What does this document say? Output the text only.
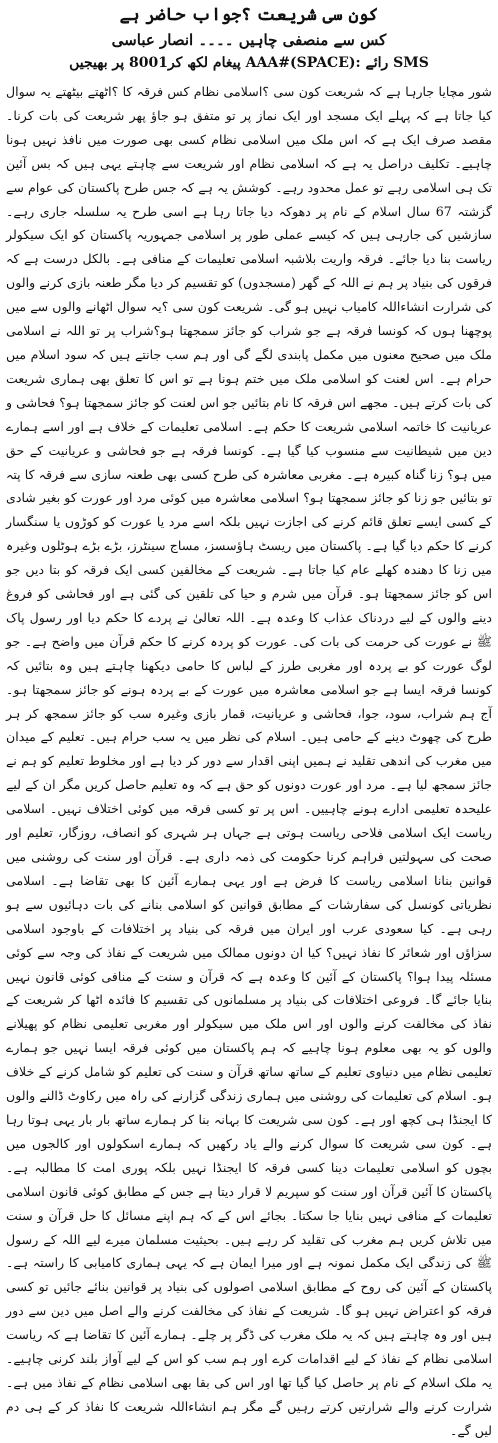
کون سی شریعت ؟جواب حاضر ہے
کس سے منصفی چاہیں ۔۔۔۔ انصار عباسی
SMS رائے :(SPACE)#AAA پیغام لکھ کر8001 پر بھیجیں

شور مچایا جارہا ہے کہ شریعت کون سی ؟اسلامی نظام کس فرقہ کا ؟اٹھتے بیٹھتے یہ سوال کیا جاتا ہے کہ پہلے ایک مسجد اور ایک نماز پر تو متفق ہو جاؤ پھر شریعت کی بات کرنا۔ مقصد صرف ایک ہے کہ اس ملک میں اسلامی نظام کسی بھی صورت میں نافذ نہیں ہونا چاہیے۔ تکلیف دراصل یہ ہے کہ اسلامی نظام اور شریعت سے چاہتے یہی ہیں کہ بس آئین تک ہی اسلامی رہے تو عمل محدود رہے۔ کوشش یہ ہے کہ جس طرح پاکستان کی عوام سے گزشتہ 67 سال اسلام کے نام پر دھوکہ دیا جاتا رہا ہے اسی طرح یہ سلسلہ جاری رہے۔ سازشیں کی جارہی ہیں کہ کیسے عملی طور پر اسلامی جمہوریہ پاکستان کو ایک سیکولر ریاست بنا دیا جائے۔ فرقہ واریت بلاشبہ اسلامی تعلیمات کے منافی ہے۔ بالکل درست ہے کہ فرقوں کی بنیاد پر ہم نے اللہ کے گھر (مسجدوں) کو تقسیم کر دیا مگر طعنہ بازی کرنے والوں کی شرارت انشاءاللہ کامیاب نہیں ہو گی۔ شریعت کون سی ؟یہ سوال اٹھانے والوں سے میں پوچھنا ہوں کہ کونسا فرقہ ہے جو شراب کو جائز سمجھتا ہو؟شراب پر تو اللہ نے اسلامی ملک میں صحیح معنوں میں مکمل پابندی لگے گی اور ہم سب جانتے ہیں کہ سود اسلام میں حرام ہے۔ اس لعنت کو اسلامی ملک میں ختم ہونا ہے تو اس کا تعلق بھی ہماری شریعت کی بات کرتے ہیں۔ مجھے اس فرقہ کا نام بتائیں جو اس لعنت کو جائز سمجھتا ہو؟ فحاشی و عریانیت کا خاتمہ اسلامی شریعت کا حکم ہے۔ اسلامی تعلیمات کے خلاف ہے اور اسے ہمارے دین میں شیطانیت سے منسوب کیا گیا ہے۔ کونسا فرقہ ہے جو فحاشی و عریانیت کے حق میں ہو؟ زنا گناہ کبیرہ ہے۔ مغربی معاشرہ کی طرح کسی بھی طعنہ سازی سے فرقہ کا پتہ تو بتائیں جو زنا کو جائز سمجھتا ہو؟ اسلامی معاشرہ میں کوئی مرد اور عورت کو بغیر شادی کے کسی ایسے تعلق قائم کرنے کی اجازت نہیں بلکہ اسے مرد یا عورت کو کوڑوں یا سنگسار کرنے کا حکم دیا گیا ہے۔ پاکستان میں ریسٹ ہاؤسسز، مساج سینٹرز، بڑے بڑے ہوٹلوں وغیرہ میں زنا کا دھندہ کھلے عام کیا جاتا ہے۔ شریعت کے مخالفین کسی ایک فرقہ کو بتا دیں جو اس کو جائز سمجھتا ہو۔ قرآن میں شرم و حیا کی تلقین کی گئی ہے اور فحاشی کو فروغ دینے والوں کے لیے دردناک عذاب کا وعدہ ہے۔ اللہ تعالیٰ نے پردے کا حکم دیا اور رسول پاک ﷺ نے عورت کی حرمت کی بات کی۔ عورت کو پردہ کرنے کا حکم قرآن میں واضح ہے۔ جو لوگ عورت کو بے پردہ اور مغربی طرز کے لباس کا حامی دیکھنا چاہتے ہیں وہ بتائیں کہ کونسا فرقہ ایسا ہے جو اسلامی معاشرہ میں عورت کے بے پردہ ہونے کو جائز سمجھتا ہو۔ آج ہم شراب، سود، جوا، فحاشی و عریانیت، قمار بازی وغیرہ سب کو جائز سمجھ کر ہر طرح کی چھوٹ دینے کے حامی ہیں۔ اسلام کی نظر میں یہ سب حرام ہیں۔ تعلیم کے میدان میں مغرب کی اندھی تقلید نے ہمیں اپنی اقدار سے دور کر دیا ہے اور مخلوط تعلیم کو ہم نے جائز سمجھ لیا ہے۔ مرد اور عورت دونوں کو حق ہے کہ وہ تعلیم حاصل کریں مگر ان کے لیے علیحدہ تعلیمی ادارے ہونے چاہییں۔ اس پر تو کسی فرقہ میں کوئی اختلاف نہیں۔ اسلامی ریاست ایک اسلامی فلاحی ریاست ہوتی ہے جہاں ہر شہری کو انصاف، روزگار، تعلیم اور صحت کی سہولتیں فراہم کرنا حکومت کی ذمہ داری ہے۔ قرآن اور سنت کی روشنی میں قوانین بنانا اسلامی ریاست کا فرض ہے اور یہی ہمارے آئین کا بھی تقاضا ہے۔ اسلامی نظریاتی کونسل کی سفارشات کے مطابق قوانین کو اسلامی بنانے کی بات دہائیوں سے ہو رہی ہے۔ کیا سعودی عرب اور ایران میں فرقہ کی بنیاد پر اختلافات کے باوجود اسلامی سزاؤں اور شعائر کا نفاذ نہیں؟ کیا ان دونوں ممالک میں شریعت کے نفاذ کی وجہ سے کوئی مسئلہ پیدا ہوا؟ پاکستان کے آئین کا وعدہ ہے کہ قرآن و سنت کے منافی کوئی قانون نہیں بنایا جائے گا۔ فروعی اختلافات کی بنیاد پر مسلمانوں کی تقسیم کا فائدہ اٹھا کر شریعت کے نفاذ کی مخالفت کرنے والوں اور اس ملک میں سیکولر اور مغربی تعلیمی نظام کو پھیلانے والوں کو یہ بھی معلوم ہونا چاہیے کہ ہم پاکستان میں کوئی فرقہ ایسا نہیں جو ہمارے تعلیمی نظام میں دنیاوی تعلیم کے ساتھ ساتھ قرآن و سنت کی تعلیم کو شامل کرنے کے خلاف ہو۔ اسلام کی تعلیمات کی روشنی میں ہماری زندگی گزارنے کی راہ میں رکاوٹ ڈالنے والوں کا ایجنڈا ہی کچھ اور ہے۔ کون سی شریعت کا بہانہ بنا کر ہمارے ساتھ بار بار یہی ہوتا رہا ہے۔ کون سی شریعت کا سوال کرنے والے یاد رکھیں کہ ہمارے اسکولوں اور کالجوں میں بچوں کو اسلامی تعلیمات دینا کسی فرقہ کا ایجنڈا نہیں بلکہ پوری امت کا مطالبہ ہے۔ پاکستان کا آئین قرآن اور سنت کو سپریم لا قرار دیتا ہے جس کے مطابق کوئی قانون اسلامی تعلیمات کے منافی نہیں بنایا جا سکتا۔ بجائے اس کے کہ ہم اپنے مسائل کا حل قرآن و سنت میں تلاش کریں ہم مغرب کی تقلید کر رہے ہیں۔ بحیثیت مسلمان میرے لیے اللہ کے رسول ﷺ کی زندگی ایک مکمل نمونہ ہے اور میرا ایمان ہے کہ یہی ہماری کامیابی کا راستہ ہے۔ پاکستان کے آئین کی روح کے مطابق اسلامی اصولوں کی بنیاد پر قوانین بنائے جائیں تو کسی فرقہ کو اعتراض نہیں ہو گا۔ شریعت کے نفاذ کی مخالفت کرنے والے اصل میں دین سے دور ہیں اور وہ چاہتے ہیں کہ یہ ملک مغرب کی ڈگر پر چلے۔ ہمارے آئین کا تقاضا ہے کہ ریاست اسلامی نظام کے نفاذ کے لیے اقدامات کرے اور ہم سب کو اس کے لیے آواز بلند کرنی چاہیے۔ یہ ملک اسلام کے نام پر حاصل کیا گیا تھا اور اس کی بقا بھی اسلامی نظام کے نفاذ میں ہے۔ شرارت کرنے والے شرارتیں کرتے رہیں گے مگر ہم انشاءاللہ شریعت کا نفاذ کر کے ہی دم لیں گے۔
